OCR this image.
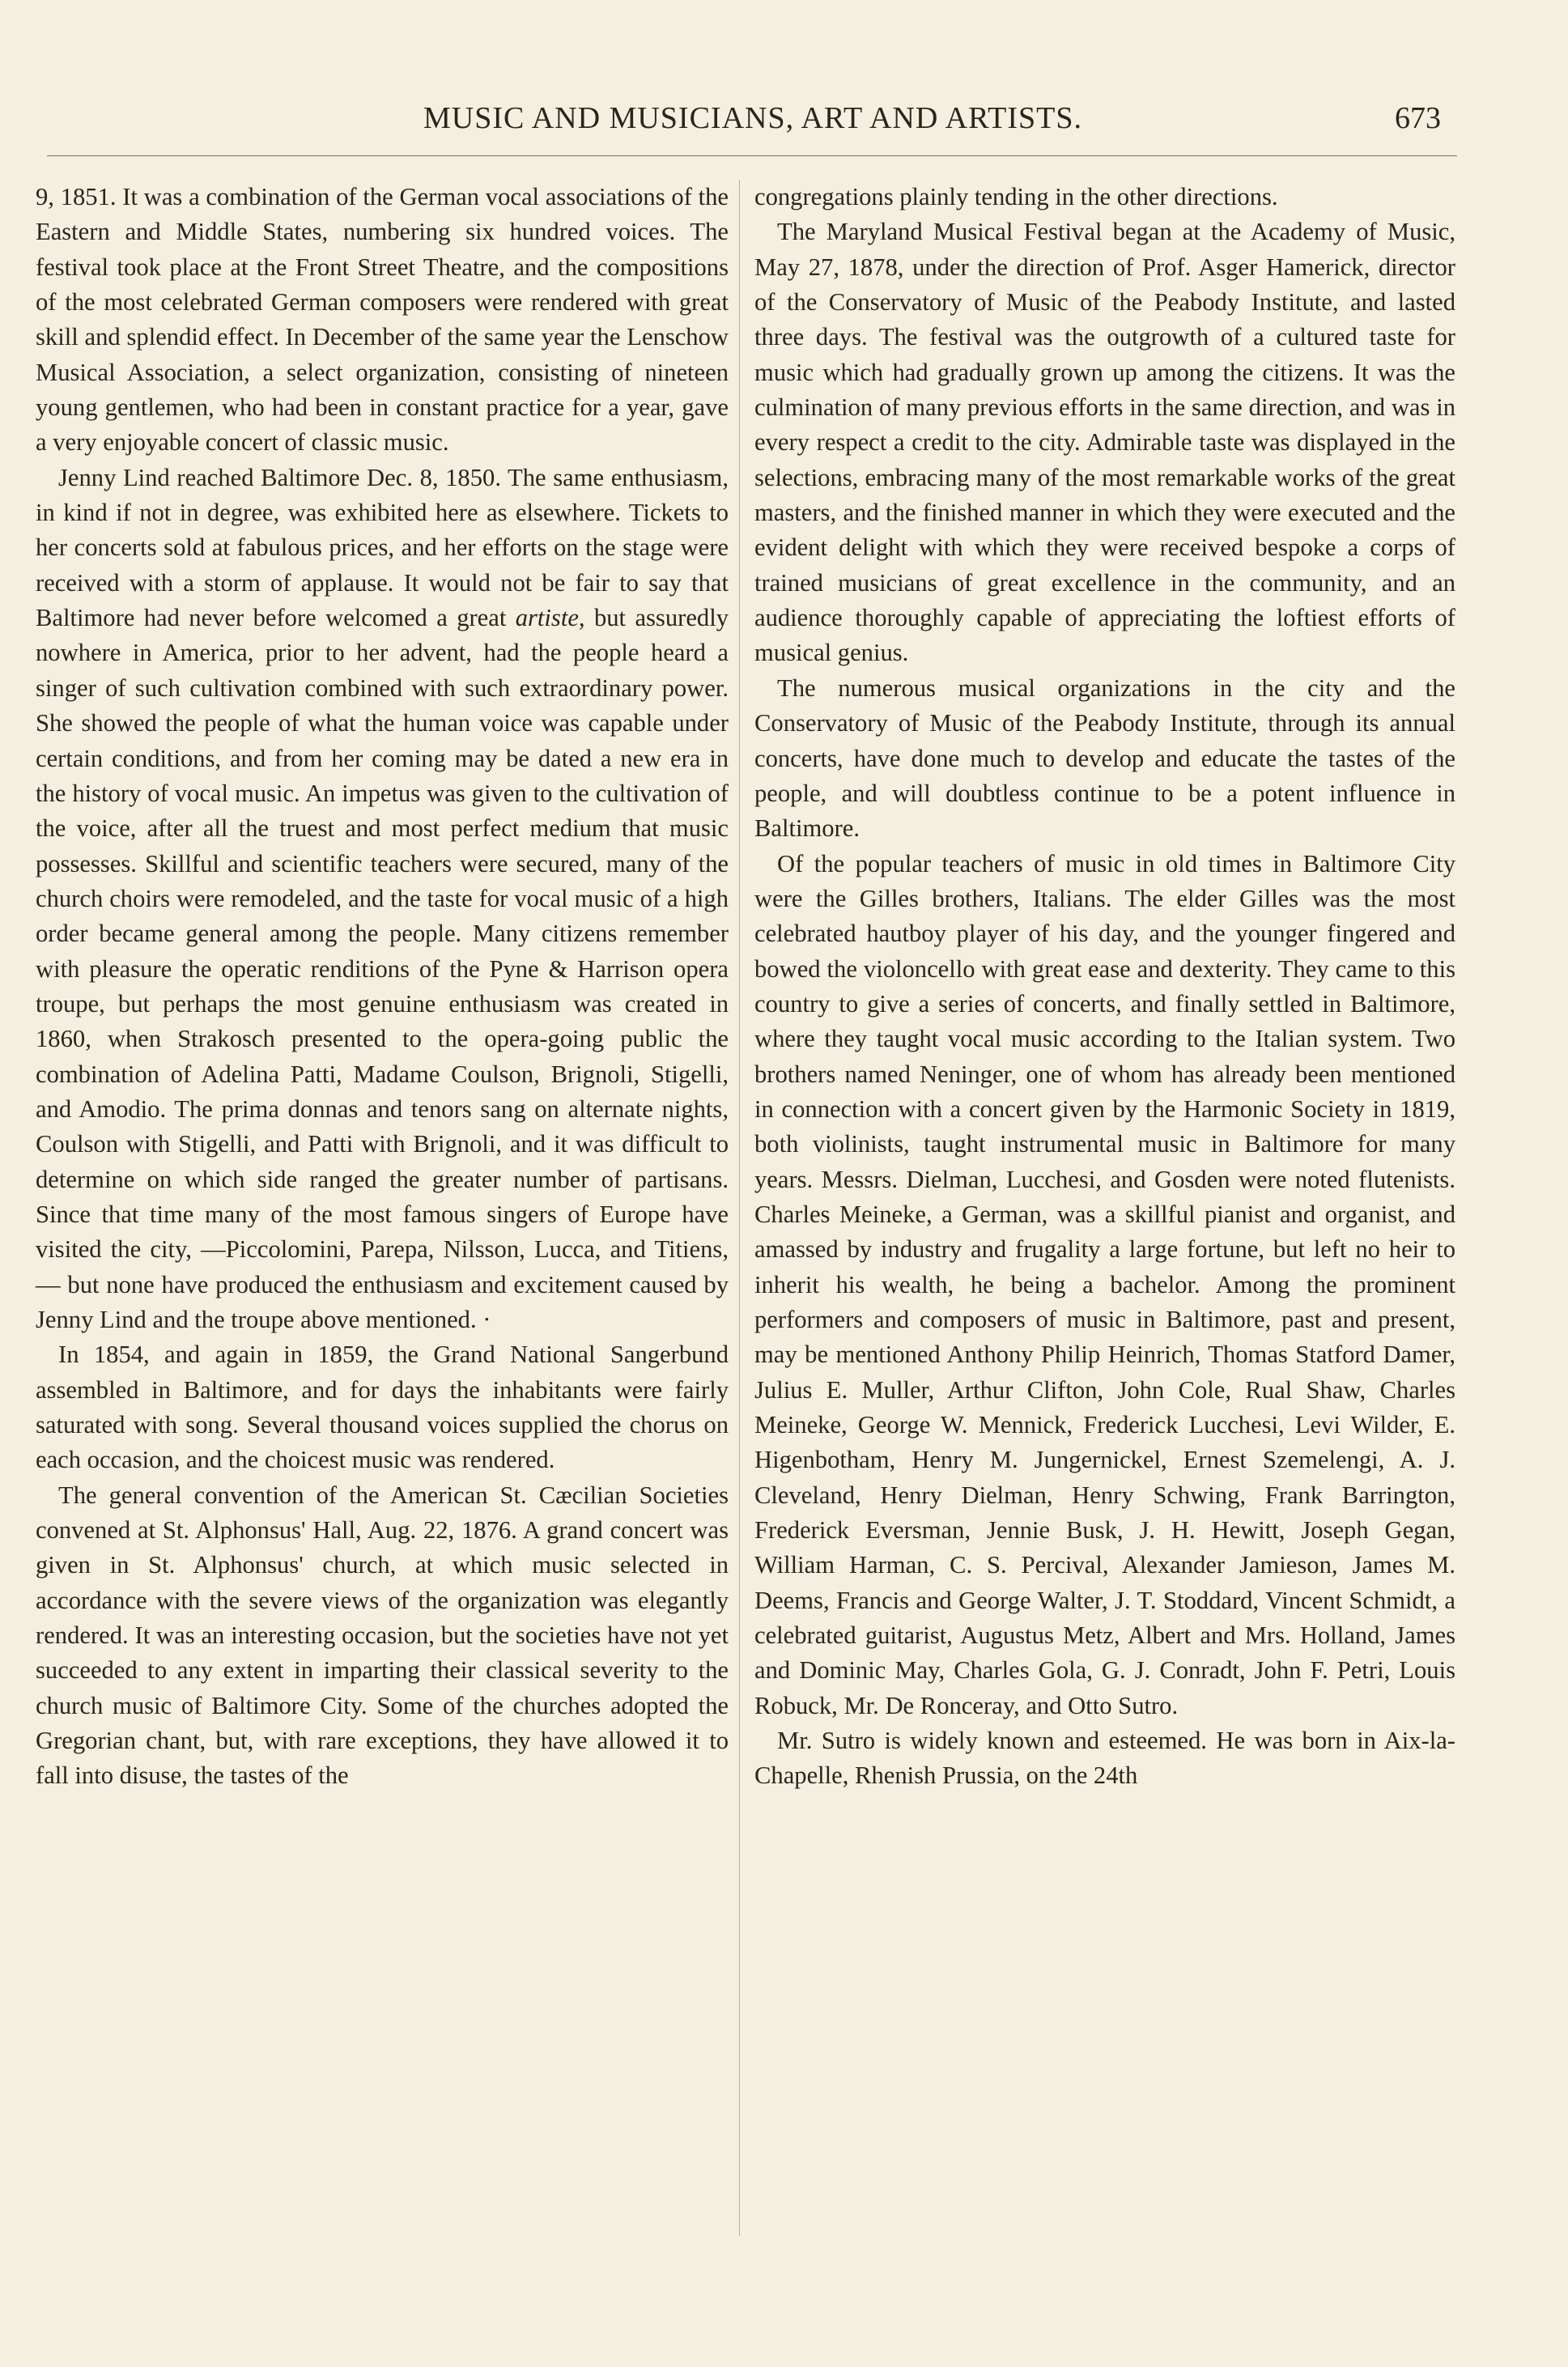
MUSIC AND MUSICIANS, ART AND ARTISTS.	673

9, 1851. It was a combination of the German vocal associations of the Eastern and Middle States, numbering six hundred voices. The festival took place at the Front Street Theatre, and the compositions of the most celebrated German composers were rendered with great skill and splendid effect. In December of the same year the Lenschow Musical Association, a select organization, consisting of nineteen young gentlemen, who had been in constant practice for a year, gave a very enjoyable concert of classic music.

Jenny Lind reached Baltimore Dec. 8, 1850. The same enthusiasm, in kind if not in degree, was exhibited here as elsewhere. Tickets to her concerts sold at fabulous prices, and her efforts on the stage were received with a storm of applause. It would not be fair to say that Baltimore had never before welcomed a great artiste, but assuredly nowhere in America, prior to her advent, had the people heard a singer of such cultivation combined with such extraordinary power. She showed the people of what the human voice was capable under certain conditions, and from her coming may be dated a new era in the history of vocal music. An impetus was given to the cultivation of the voice, after all the truest and most perfect medium that music possesses. Skillful and scientific teachers were secured, many of the church choirs were remodeled, and the taste for vocal music of a high order became general among the people. Many citizens remember with pleasure the operatic renditions of the Pyne & Harrison opera troupe, but perhaps the most genuine enthusiasm was created in 1860, when Strakosch presented to the opera-going public the combination of Adelina Patti, Madame Coulson, Brignoli, Stigelli, and Amodio. The prima donnas and tenors sang on alternate nights, Coulson with Stigelli, and Patti with Brignoli, and it was difficult to determine on which side ranged the greater number of partisans. Since that time many of the most famous singers of Europe have visited the city, —Piccolomini, Parepa, Nilsson, Lucca, and Titiens,— but none have produced the enthusiasm and excitement caused by Jenny Lind and the troupe above mentioned. ·

In 1854, and again in 1859, the Grand National Sangerbund assembled in Baltimore, and for days the inhabitants were fairly saturated with song. Several thousand voices supplied the chorus on each occasion, and the choicest music was rendered.

The general convention of the American St. Cæcilian Societies convened at St. Alphonsus' Hall, Aug. 22, 1876. A grand concert was given in St. Alphonsus' church, at which music selected in accordance with the severe views of the organization was elegantly rendered. It was an interesting occasion, but the societies have not yet succeeded to any extent in imparting their classical severity to the church music of Baltimore City. Some of the churches adopted the Gregorian chant, but, with rare exceptions, they have allowed it to fall into disuse, the tastes of the

congregations plainly tending in the other directions.

The Maryland Musical Festival began at the Academy of Music, May 27, 1878, under the direction of Prof. Asger Hamerick, director of the Conservatory of Music of the Peabody Institute, and lasted three days. The festival was the outgrowth of a cultured taste for music which had gradually grown up among the citizens. It was the culmination of many previous efforts in the same direction, and was in every respect a credit to the city. Admirable taste was displayed in the selections, embracing many of the most remarkable works of the great masters, and the finished manner in which they were executed and the evident delight with which they were received bespoke a corps of trained musicians of great excellence in the community, and an audience thoroughly capable of appreciating the loftiest efforts of musical genius.

The numerous musical organizations in the city and the Conservatory of Music of the Peabody Institute, through its annual concerts, have done much to develop and educate the tastes of the people, and will doubtless continue to be a potent influence in Baltimore.

Of the popular teachers of music in old times in Baltimore City were the Gilles brothers, Italians. The elder Gilles was the most celebrated hautboy player of his day, and the younger fingered and bowed the violoncello with great ease and dexterity. They came to this country to give a series of concerts, and finally settled in Baltimore, where they taught vocal music according to the Italian system. Two brothers named Neninger, one of whom has already been mentioned in connection with a concert given by the Harmonic Society in 1819, both violinists, taught instrumental music in Baltimore for many years. Messrs. Dielman, Lucchesi, and Gosden were noted flutenists. Charles Meineke, a German, was a skillful pianist and organist, and amassed by industry and frugality a large fortune, but left no heir to inherit his wealth, he being a bachelor. Among the prominent performers and composers of music in Baltimore, past and present, may be mentioned Anthony Philip Heinrich, Thomas Statford Damer, Julius E. Muller, Arthur Clifton, John Cole, Rual Shaw, Charles Meineke, George W. Mennick, Frederick Lucchesi, Levi Wilder, E. Higenbotham, Henry M. Jungernickel, Ernest Szemelengi, A. J. Cleveland, Henry Dielman, Henry Schwing, Frank Barrington, Frederick Eversman, Jennie Busk, J. H. Hewitt, Joseph Gegan, William Harman, C. S. Percival, Alexander Jamieson, James M. Deems, Francis and George Walter, J. T. Stoddard, Vincent Schmidt, a celebrated guitarist, Augustus Metz, Albert and Mrs. Holland, James and Dominic May, Charles Gola, G. J. Conradt, John F. Petri, Louis Robuck, Mr. De Ronceray, and Otto Sutro.

Mr. Sutro is widely known and esteemed. He was born in Aix-la-Chapelle, Rhenish Prussia, on the 24th
